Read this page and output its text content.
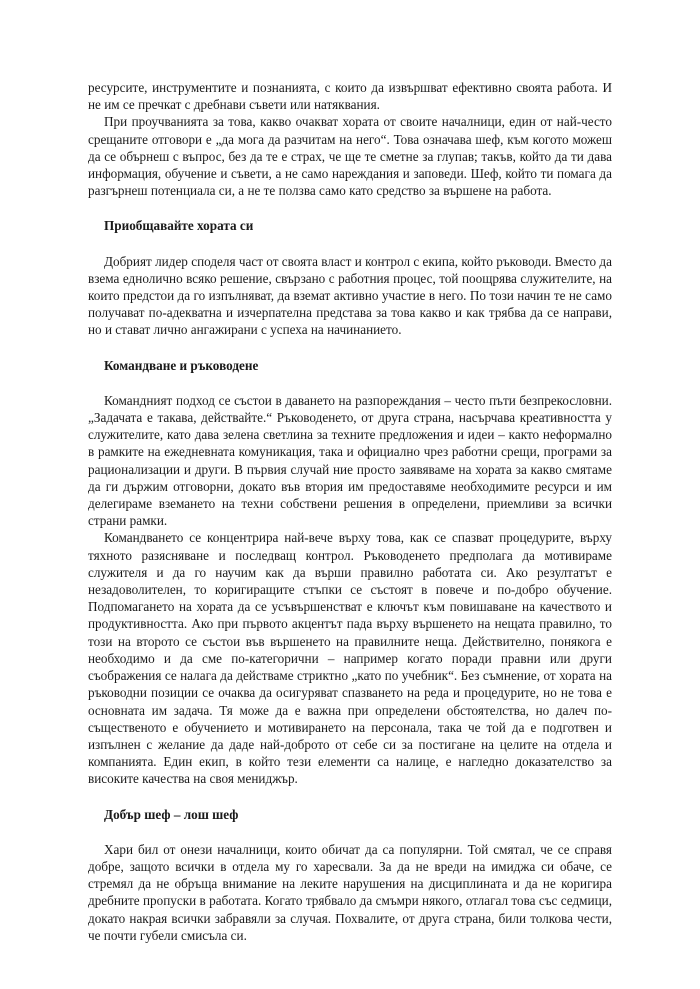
ресурсите, инструментите и познанията, с които да извършват ефективно своята работа. И не им се пречкат с дребнави съвети или натяквания.

При проучванията за това, какво очакват хората от своите началници, един от най-често срещаните отговори е „да мога да разчитам на него“. Това означава шеф, към когото можеш да се обърнеш с въпрос, без да те е страх, че ще те сметне за глупав; такъв, който да ти дава информация, обучение и съвети, а не само нареждания и заповеди. Шеф, който ти помага да разгърнеш потенциала си, а не те ползва само като средство за вършене на работа.

Приобщавайте хората си

Добрият лидер споделя част от своята власт и контрол с екипа, който ръководи. Вместо да взема еднолично всяко решение, свързано с работния процес, той поощрява служителите, на които предстои да го изпълняват, да вземат активно участие в него. По този начин те не само получават по-адекватна и изчерпателна представа за това какво и как трябва да се направи, но и стават лично ангажирани с успеха на начинанието.

Командване и ръководене

Командният подход се състои в даването на разпореждания – често пъти безпрекословни. „Задачата е такава, действайте.“ Ръководенето, от друга страна, насърчава креативността у служителите, като дава зелена светлина за техните предложения и идеи – както неформално в рамките на ежедневната комуникация, така и официално чрез работни срещи, програми за рационализации и други. В първия случай ние просто заявяваме на хората за какво смятаме да ги държим отговорни, докато във втория им предоставяме необходимите ресурси и им делегираме вземането на техни собствени решения в определени, приемливи за всички страни рамки.

Командването се концентрира най-вече върху това, как се спазват процедурите, върху тяхното разясняване и последващ контрол. Ръководенето предполага да мотивираме служителя и да го научим как да върши правилно работата си. Ако резултатът е незадоволителен, то коригиращите стъпки се състоят в повече и по-добро обучение. Подпомагането на хората да се усъвършенстват е ключът към повишаване на качеството и продуктивността. Ако при първото акцентът пада върху вършенето на нещата правилно, то този на второто се състои във вършенето на правилните неща. Действително, понякога е необходимо и да сме по-категорични – например когато поради правни или други съображения се налага да действаме стриктно „като по учебник“. Без съмнение, от хората на ръководни позиции се очаква да осигуряват спазването на реда и процедурите, но не това е основната им задача. Тя може да е важна при определени обстоятелства, но далеч по-същественото е обучението и мотивирането на персонала, така че той да е подготвен и изпълнен с желание да даде най-доброто от себе си за постигане на целите на отдела и компанията. Един екип, в който тези елементи са налице, е нагледно доказателство за високите качества на своя мениджър.

Добър шеф – лош шеф

Хари бил от онези началници, които обичат да са популярни. Той смятал, че се справя добре, защото всички в отдела му го харесвали. За да не вреди на имиджа си обаче, се стремял да не обръща внимание на леките нарушения на дисциплината и да не коригира дребните пропуски в работата. Когато трябвало да смъмри някого, отлагал това със седмици, докато накрая всички забравяли за случая. Похвалите, от друга страна, били толкова чести, че почти губели смисъла си.
